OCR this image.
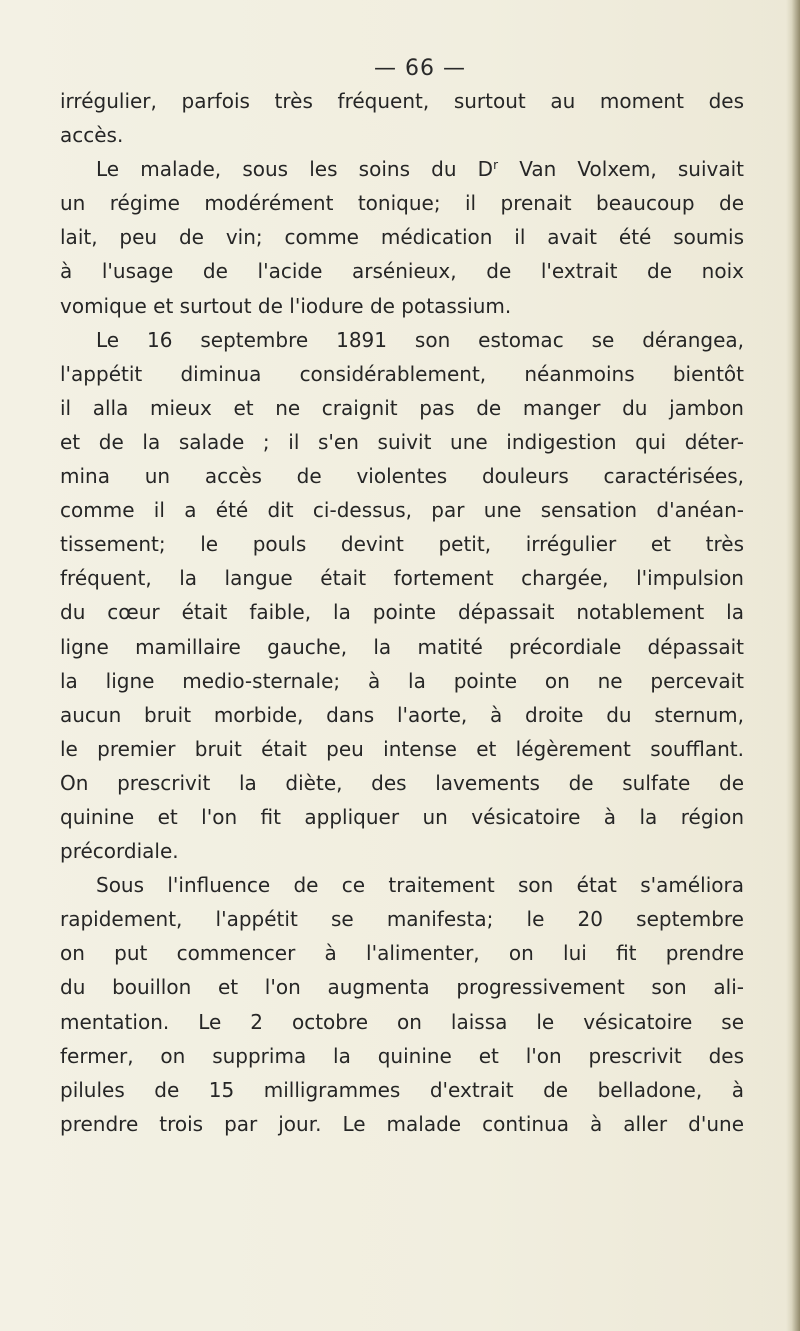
— 66 —

irrégulier, parfois très fréquent, surtout au moment des
accès.

Le malade, sous les soins du $D^r$ Van Volxem, suivait
un régime modérément tonique; il prenait beaucoup de
lait, peu de vin; comme médication il avait été soumis
à l'usage de l'acide arsénieux, de l'extrait de noix
vomique et surtout de l'iodure de potassium.

Le 16 septembre 1891 son estomac se dérangea,
l'appétit diminua considérablement, néanmoins bientôt
il alla mieux et ne craignit pas de manger du jambon
et de la salade ; il s'en suivit une indigestion qui déter-
mina un accès de violentes douleurs caractérisées,
comme il a été dit ci-dessus, par une sensation d'anéan-
tissement; le pouls devint petit, irrégulier et très
fréquent, la langue était fortement chargée, l'impulsion
du cœur était faible, la pointe dépassait notablement la
ligne mamillaire gauche, la matité précordiale dépassait
la ligne medio-sternale; à la pointe on ne percevait
aucun bruit morbide, dans l'aorte, à droite du sternum,
le premier bruit était peu intense et légèrement soufflant.
On prescrivit la diète, des lavements de sulfate de
quinine et l'on fit appliquer un vésicatoire à la région
précordiale.

Sous l'influence de ce traitement son état s'améliora
rapidement, l'appétit se manifesta; le 20 septembre
on put commencer à l'alimenter, on lui fit prendre
du bouillon et l'on augmenta progressivement son ali-
mentation. Le 2 octobre on laissa le vésicatoire se
fermer, on supprima la quinine et l'on prescrivit des
pilules de 15 milligrammes d'extrait de belladone, à
prendre trois par jour. Le malade continua à aller d'une
